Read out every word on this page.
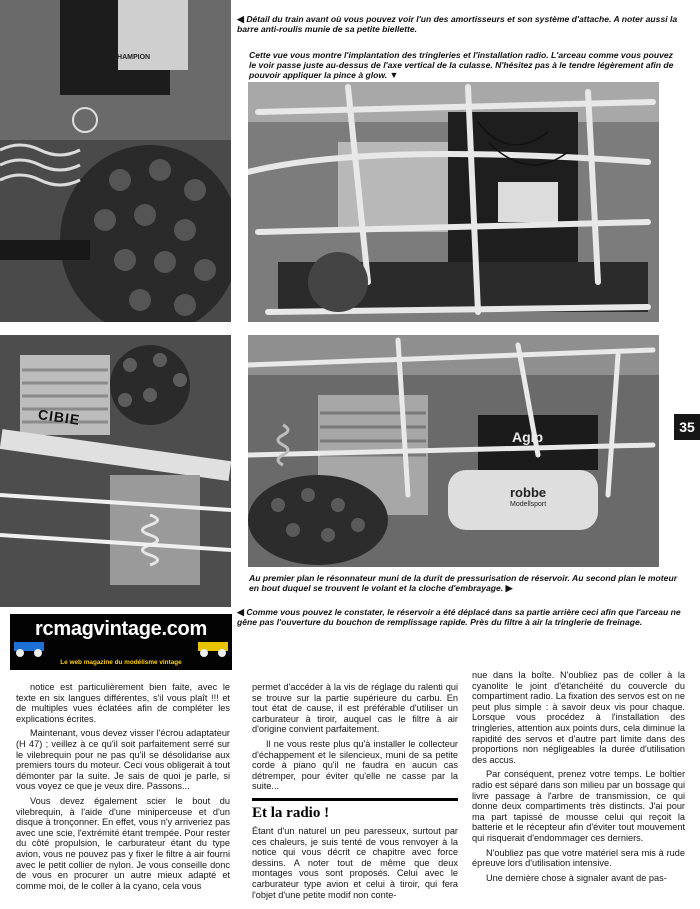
CHAMPION

◀ Détail du train avant où vous pouvez voir l'un des amortisseurs et son système d'attache. A noter aussi la barre anti-roulis munie de sa petite biellette.

Cette vue vous montre l'implantation des tringleries et l'installation radio. L'arceau comme vous pouvez le voir passe juste au-dessus de l'axe vertical de la culasse. N'hésitez pas à le tendre légèrement afin de pouvoir appliquer la pince à glow. ▼

CIBIE
Agip
robbe
Modellsport
35

Au premier plan le résonnateur muni de la durit de pressurisation de réservoir. Au second plan le moteur en bout duquel se trouvent le volant et la cloche d'embrayage. ▶

◀ Comme vous pouvez le constater, le réservoir a été déplacé dans sa partie arrière ceci afin que l'arceau ne gêne pas l'ouverture du bouchon de remplissage rapide. Près du filtre à air la tringlerie de freinage.

rcmagvintage.com
Le web magazine du modélisme vintage

notice est particulièrement bien faite, avec le texte en six langues différentes, s'il vous plaît !!! et de multiples vues éclatées afin de compléter les explications écrites.

Maintenant, vous devez visser l'écrou adaptateur (H 47) ; veillez à ce qu'il soit parfaitement serré sur le vilebrequin pour ne pas qu'il se désolidarise aux premiers tours du moteur. Ceci vous obligerait à tout démonter par la suite. Je sais de quoi je parle, si vous voyez ce que je veux dire. Passons...

Vous devez également scier le bout du vilebrequin, à l'aide d'une miniperceuse et d'un disque à tronçonner. En effet, vous n'y arriveriez pas avec une scie, l'extrémité étant trempée. Pour rester du côté propulsion, le carburateur étant du type avion, vous ne pouvez pas y fixer le filtre à air fourni avec le petit collier de nylon. Je vous conseille donc de vous en procurer un autre mieux adapté et comme moi, de le coller à la cyano, cela vous

permet d'accéder à la vis de réglage du ralenti qui se trouve sur la partie supérieure du carbu. En tout état de cause, il est préférable d'utiliser un carburateur à tiroir, auquel cas le filtre à air d'origine convient parfaitement.

Il ne vous reste plus qu'à installer le collecteur d'échappement et le silencieux, muni de sa petite corde à piano qu'il ne faudra en aucun cas détremper, pour éviter qu'elle ne casse par la suite...

Et la radio !

Étant d'un naturel un peu paresseux, surtout par ces chaleurs, je suis tenté de vous renvoyer à la notice qui vous décrit ce chapitre avec force dessins. A noter tout de même que deux montages vous sont proposés. Celui avec le carburateur type avion et celui à tiroir, qui fera l'objet d'une petite modif non conte-

nue dans la boîte. N'oubliez pas de coller à la cyanolite le joint d'étanchéité du couvercle du compartiment radio. La fixation des servos est on ne peut plus simple : à savoir deux vis pour chaque. Lorsque vous procédez à l'installation des tringleries, attention aux points durs, cela diminue la rapidité des servos et d'autre part limite dans des proportions non négligeables la durée d'utilisation des accus.

Par conséquent, prenez votre temps. Le boîtier radio est séparé dans son milieu par un bossage qui livre passage à l'arbre de transmission, ce qui donne deux compartiments très distincts. J'ai pour ma part tapissé de mousse celui qui reçoit la batterie et le récepteur afin d'éviter tout mouvement qui risquerait d'endommager ces derniers.

N'oubliez pas que votre matériel sera mis à rude épreuve lors d'utilisation intensive.

Une dernière chose à signaler avant de pas-
